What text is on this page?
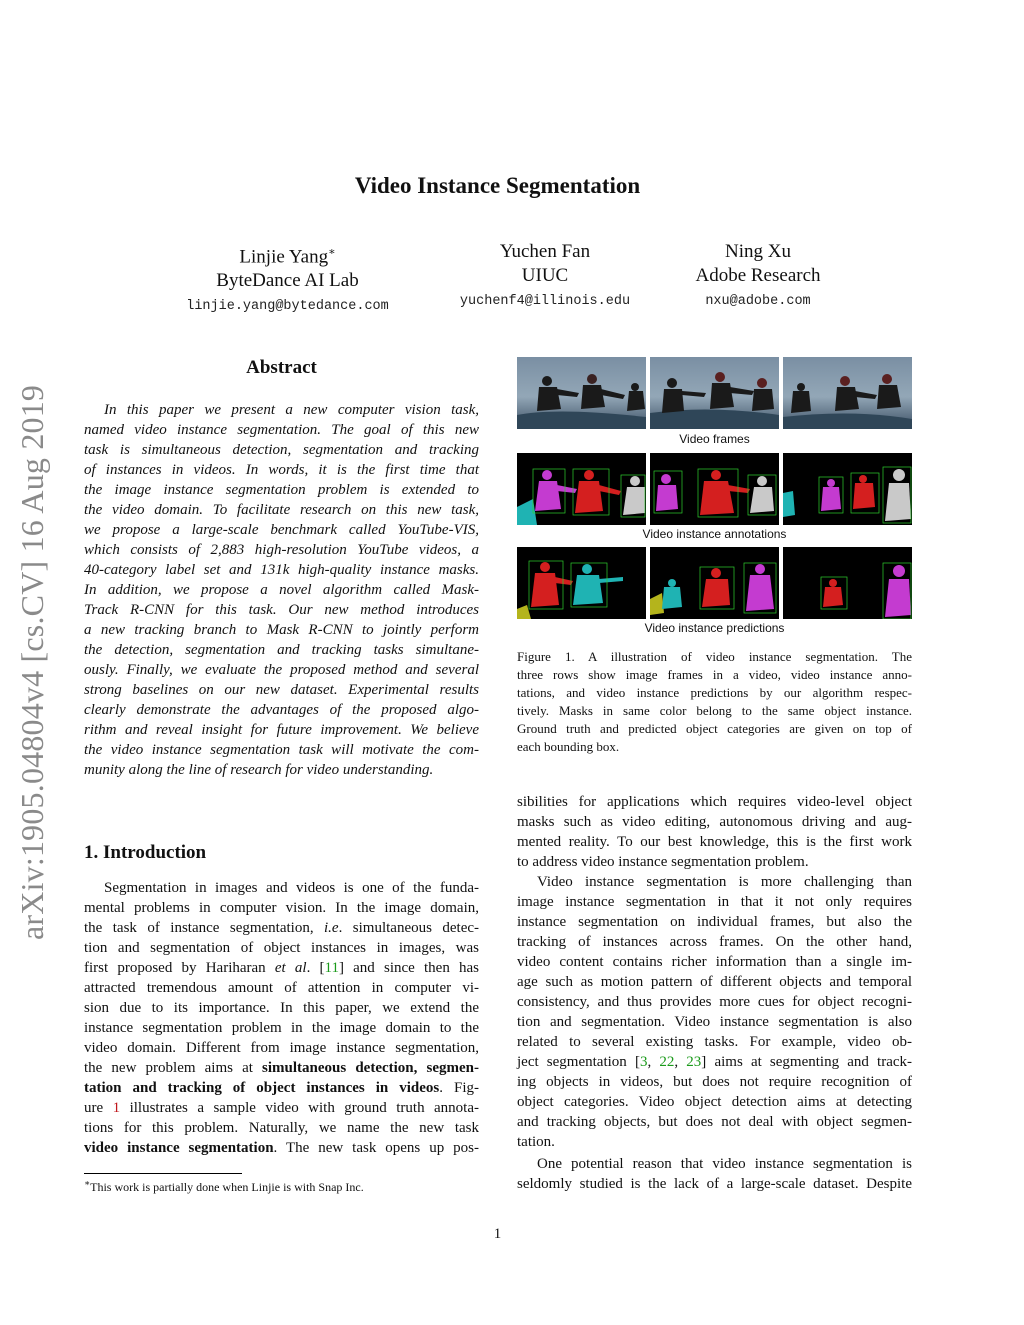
arXiv:1905.04804v4 [cs.CV] 16 Aug 2019
Video Instance Segmentation
Linjie Yang∗
ByteDance AI Lab
linjie.yang@bytedance.com
Yuchen Fan
UIUC
yuchenf4@illinois.edu
Ning Xu
Adobe Research
nxu@adobe.com
Abstract
In this paper we present a new computer vision task,
named video instance segmentation. The goal of this new
task is simultaneous detection, segmentation and tracking
of instances in videos. In words, it is the first time that
the image instance segmentation problem is extended to
the video domain. To facilitate research on this new task,
we propose a large-scale benchmark called YouTube-VIS,
which consists of 2,883 high-resolution YouTube videos, a
40-category label set and 131k high-quality instance masks.
In addition, we propose a novel algorithm called Mask-
Track R-CNN for this task. Our new method introduces
a new tracking branch to Mask R-CNN to jointly perform
the detection, segmentation and tracking tasks simultane-
ously. Finally, we evaluate the proposed method and several
strong baselines on our new dataset. Experimental results
clearly demonstrate the advantages of the proposed algo-
rithm and reveal insight for future improvement. We believe
the video instance segmentation task will motivate the com-
munity along the line of research for video understanding.
Video frames
Video instance annotations
Video instance predictions
Figure 1. A illustration of video instance segmentation. The
three rows show image frames in a video, video instance anno-
tations, and video instance predictions by our algorithm respec-
tively. Masks in same color belong to the same object instance.
Ground truth and predicted object categories are given on top of
each bounding box.
1. Introduction
Segmentation in images and videos is one of the funda-
mental problems in computer vision. In the image domain,
the task of instance segmentation, i.e. simultaneous detec-
tion and segmentation of object instances in images, was
first proposed by Hariharan et al. [11] and since then has
attracted tremendous amount of attention in computer vi-
sion due to its importance. In this paper, we extend the
instance segmentation problem in the image domain to the
video domain. Different from image instance segmentation,
the new problem aims at simultaneous detection, segmen-
tation and tracking of object instances in videos. Fig-
ure 1 illustrates a sample video with ground truth annota-
tions for this problem. Naturally, we name the new task
video instance segmentation. The new task opens up pos-
sibilities for applications which requires video-level object
masks such as video editing, autonomous driving and aug-
mented reality. To our best knowledge, this is the first work
to address video instance segmentation problem.
Video instance segmentation is more challenging than
image instance segmentation in that it not only requires
instance segmentation on individual frames, but also the
tracking of instances across frames. On the other hand,
video content contains richer information than a single im-
age such as motion pattern of different objects and temporal
consistency, and thus provides more cues for object recogni-
tion and segmentation. Video instance segmentation is also
related to several existing tasks. For example, video ob-
ject segmentation [3, 22, 23] aims at segmenting and track-
ing objects in videos, but does not require recognition of
object categories. Video object detection aims at detecting
and tracking objects, but does not deal with object segmen-
tation.
One potential reason that video instance segmentation is
seldomly studied is the lack of a large-scale dataset. Despite
∗This work is partially done when Linjie is with Snap Inc.
1
